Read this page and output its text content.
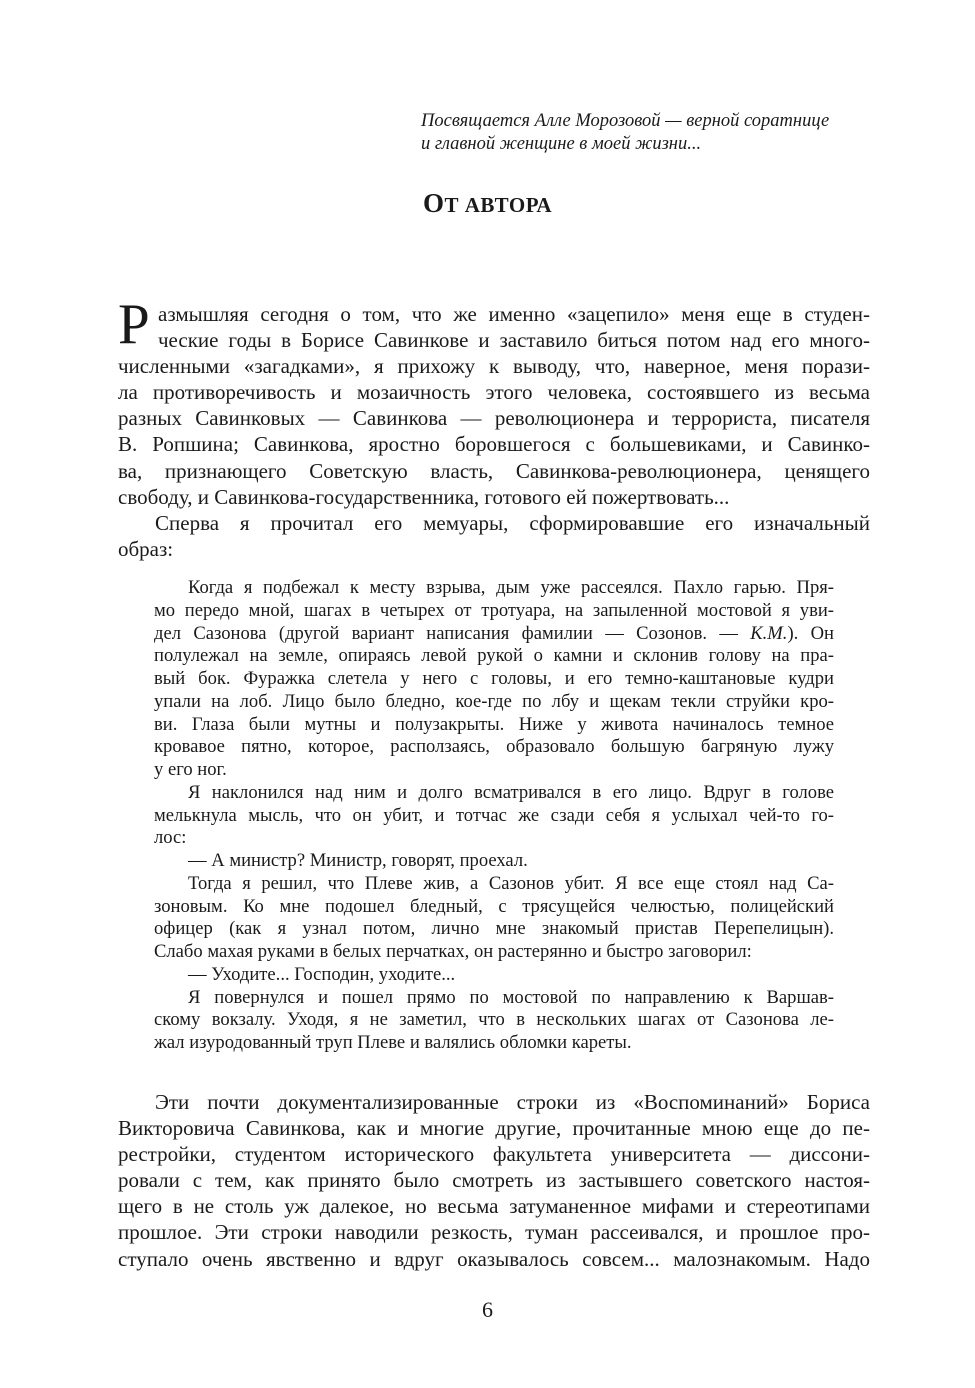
Посвящается Алле Морозовой — верной соратнице
и главной женщине в моей жизни...
ОТ АВТОРА
Р азмышляя сегодня о том, что же именно «зацепило» меня еще в студен-
ческие годы в Борисе Савинкове и заставило биться потом над его много-
численными «загадками», я прихожу к выводу, что, наверное, меня порази-
ла противоречивость и мозаичность этого человека, состоявшего из весьма
разных Савинковых — Савинкова — революционера и террориста, писателя
В. Ропшина; Савинкова, яростно боровшегося с большевиками, и Савинко-
ва, признающего Советскую власть, Савинкова-революционера, ценящего
свободу, и Савинкова-государственника, готового ей пожертвовать...
Сперва я прочитал его мемуары, сформировавшие его изначальный
образ:
Когда я подбежал к месту взрыва, дым уже рассеялся. Пахло гарью. Пря-
мо передо мной, шагах в четырех от тротуара, на запыленной мостовой я уви-
дел Сазонова (другой вариант написания фамилии — Созонов. — К.М.). Он
полулежал на земле, опираясь левой рукой о камни и склонив голову на пра-
вый бок. Фуражка слетела у него с головы, и его темно-каштановые кудри
упали на лоб. Лицо было бледно, кое-где по лбу и щекам текли струйки кро-
ви. Глаза были мутны и полузакрыты. Ниже у живота начиналось темное
кровавое пятно, которое, расползаясь, образовало большую багряную лужу
у его ног.
Я наклонился над ним и долго всматривался в его лицо. Вдруг в голове
мелькнула мысль, что он убит, и тотчас же сзади себя я услыхал чей-то го-
лос:
— А министр? Министр, говорят, проехал.
Тогда я решил, что Плеве жив, а Сазонов убит. Я все еще стоял над Са-
зоновым. Ко мне подошел бледный, с трясущейся челюстью, полицейский
офицер (как я узнал потом, лично мне знакомый пристав Перепелицын).
Слабо махая руками в белых перчатках, он растерянно и быстро заговорил:
— Уходите... Господин, уходите...
Я повернулся и пошел прямо по мостовой по направлению к Варшав-
скому вокзалу. Уходя, я не заметил, что в нескольких шагах от Сазонова ле-
жал изуродованный труп Плеве и валялись обломки кареты.
Эти почти документализированные строки из «Воспоминаний» Бориса
Викторовича Савинкова, как и многие другие, прочитанные мною еще до пе-
рестройки, студентом исторического факультета университета — диссони-
ровали с тем, как принято было смотреть из застывшего советского настоя-
щего в не столь уж далекое, но весьма затуманенное мифами и стереотипами
прошлое. Эти строки наводили резкость, туман рассеивался, и прошлое про-
ступало очень явственно и вдруг оказывалось совсем... малознакомым. Надо
6
